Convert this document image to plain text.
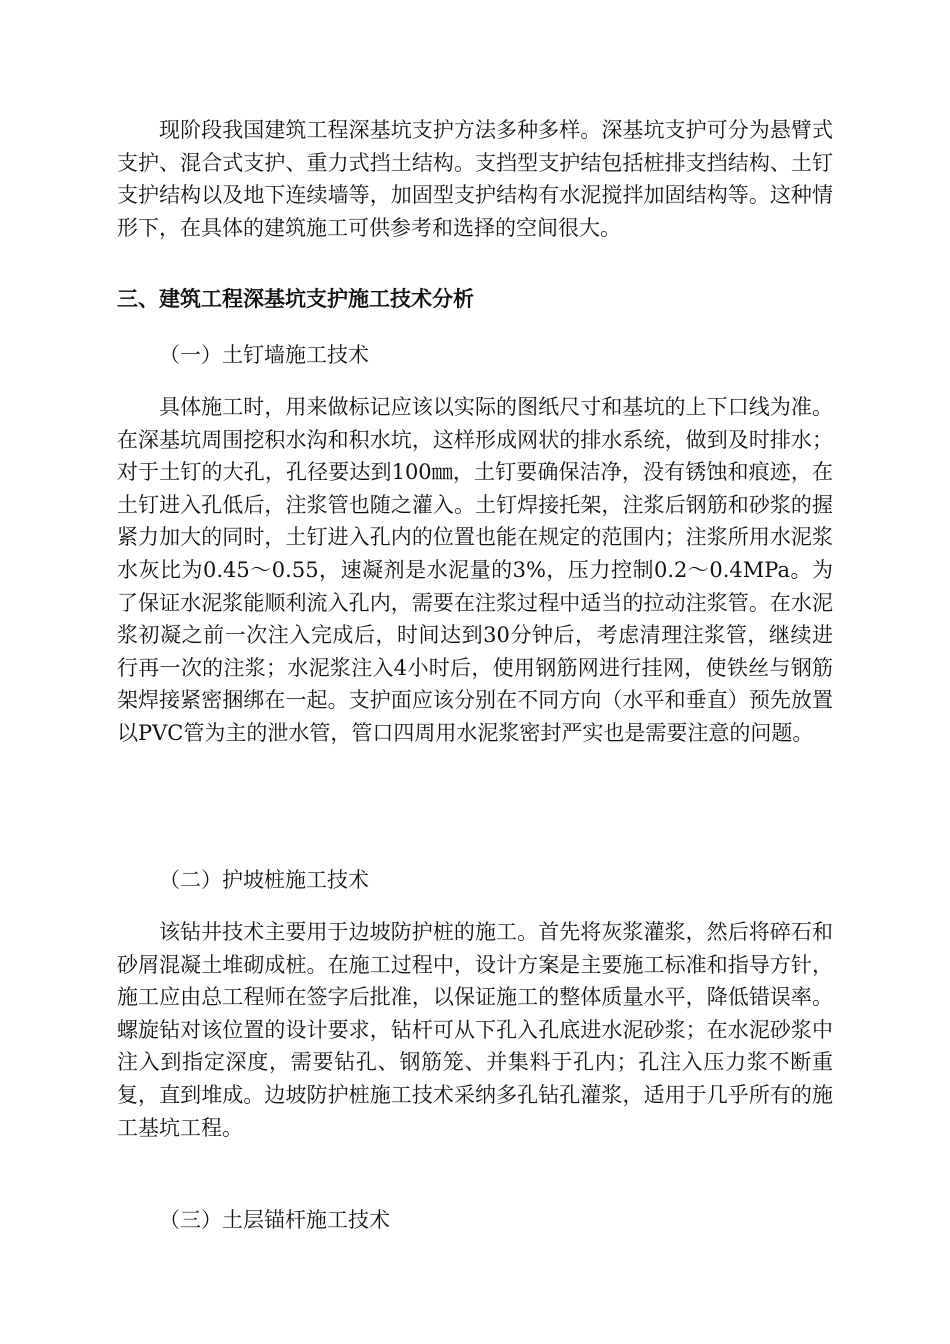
现阶段我国建筑工程深基坑支护方法多种多样。深基坑支护可分为悬臂式支护、混合式支护、重力式挡土结构。支挡型支护结包括桩排支挡结构、土钉支护结构以及地下连续墙等，加固型支护结构有水泥搅拌加固结构等。这种情形下，在具体的建筑施工可供参考和选择的空间很大。

三、建筑工程深基坑支护施工技术分析

（一）土钉墙施工技术

具体施工时，用来做标记应该以实际的图纸尺寸和基坑的上下口线为准。在深基坑周围挖积水沟和积水坑，这样形成网状的排水系统，做到及时排水；对于土钉的大孔，孔径要达到100㎜，土钉要确保洁净，没有锈蚀和痕迹，在土钉进入孔低后，注浆管也随之灌入。土钉焊接托架，注浆后钢筋和砂浆的握紧力加大的同时，土钉进入孔内的位置也能在规定的范围内；注浆所用水泥浆水灰比为0.45～0.55，速凝剂是水泥量的3%，压力控制0.2～0.4MPa。为了保证水泥浆能顺利流入孔内，需要在注浆过程中适当的拉动注浆管。在水泥浆初凝之前一次注入完成后，时间达到30分钟后，考虑清理注浆管，继续进行再一次的注浆；水泥浆注入4小时后，使用钢筋网进行挂网，使铁丝与钢筋架焊接紧密捆绑在一起。支护面应该分别在不同方向（水平和垂直）预先放置以PVC管为主的泄水管，管口四周用水泥浆密封严实也是需要注意的问题。

（二）护坡桩施工技术

该钻井技术主要用于边坡防护桩的施工。首先将灰浆灌浆，然后将碎石和砂屑混凝土堆砌成桩。在施工过程中，设计方案是主要施工标准和指导方针，施工应由总工程师在签字后批准，以保证施工的整体质量水平，降低错误率。螺旋钻对该位置的设计要求，钻杆可从下孔入孔底进水泥砂浆；在水泥砂浆中注入到指定深度，需要钻孔、钢筋笼、并集料于孔内；孔注入压力浆不断重复，直到堆成。边坡防护桩施工技术采纳多孔钻孔灌浆，适用于几乎所有的施工基坑工程。

（三）土层锚杆施工技术
